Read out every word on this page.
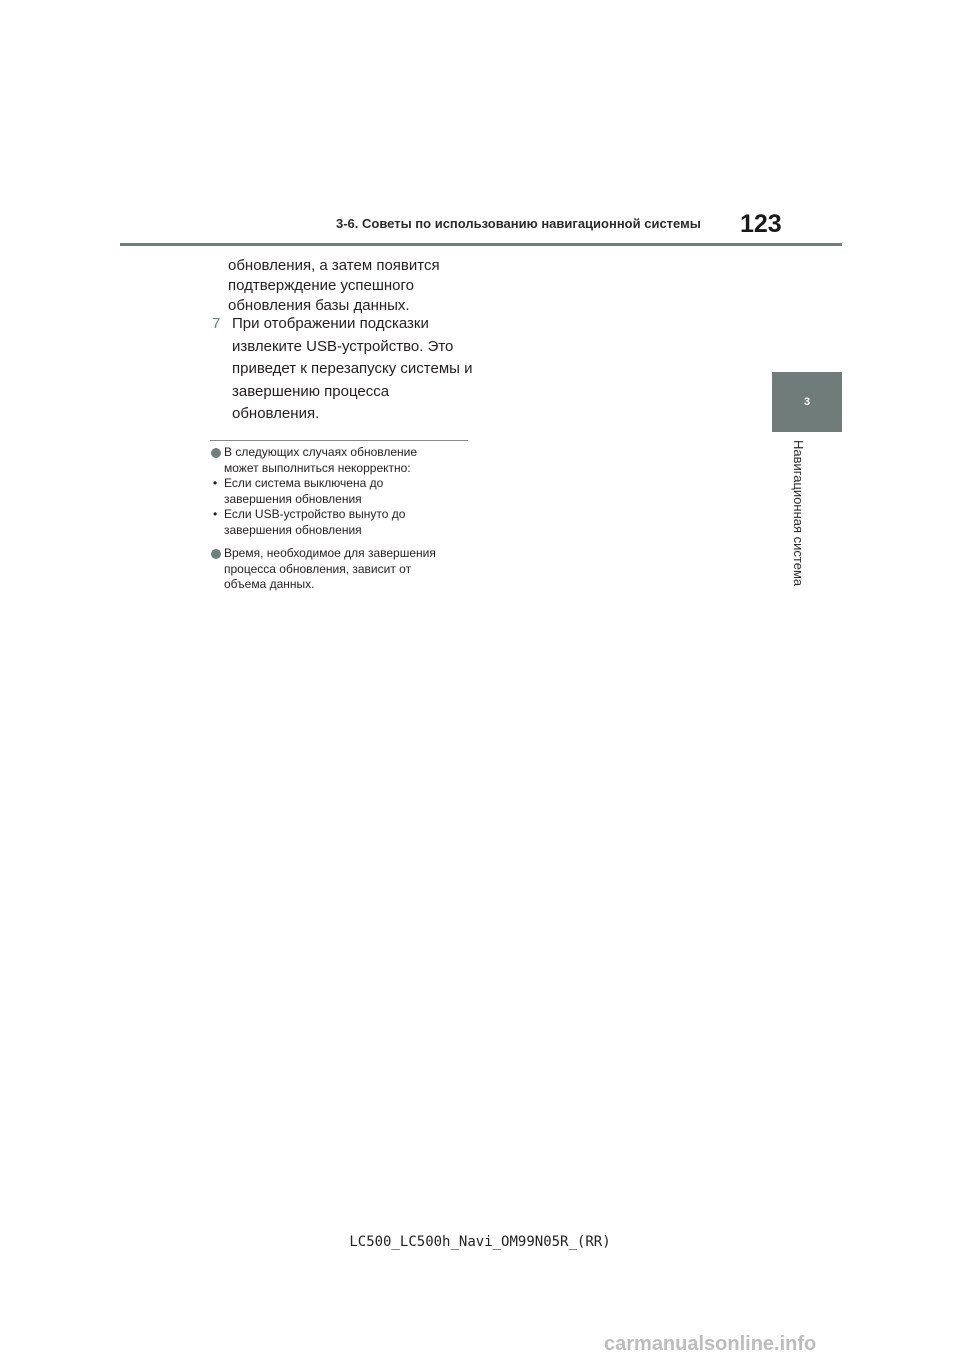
3-6. Советы по использованию навигационной системы 123
3
Навигационная система

обновления, а затем появится
подтверждение успешного
обновления базы данных.

7 При отображении подсказки
извлеките USB-устройство. Это
приведет к перезапуску системы и
завершению процесса
обновления.
В следующих случаях обновление
может выполниться некорректно:
• Если система выключена до
завершения обновления
• Если USB-устройство вынуто до
завершения обновления
Время, необходимое для завершения
процесса обновления, зависит от
объема данных.
LC500_LC500h_Navi_OM99N05R_(RR)
carmanualsonline.info
